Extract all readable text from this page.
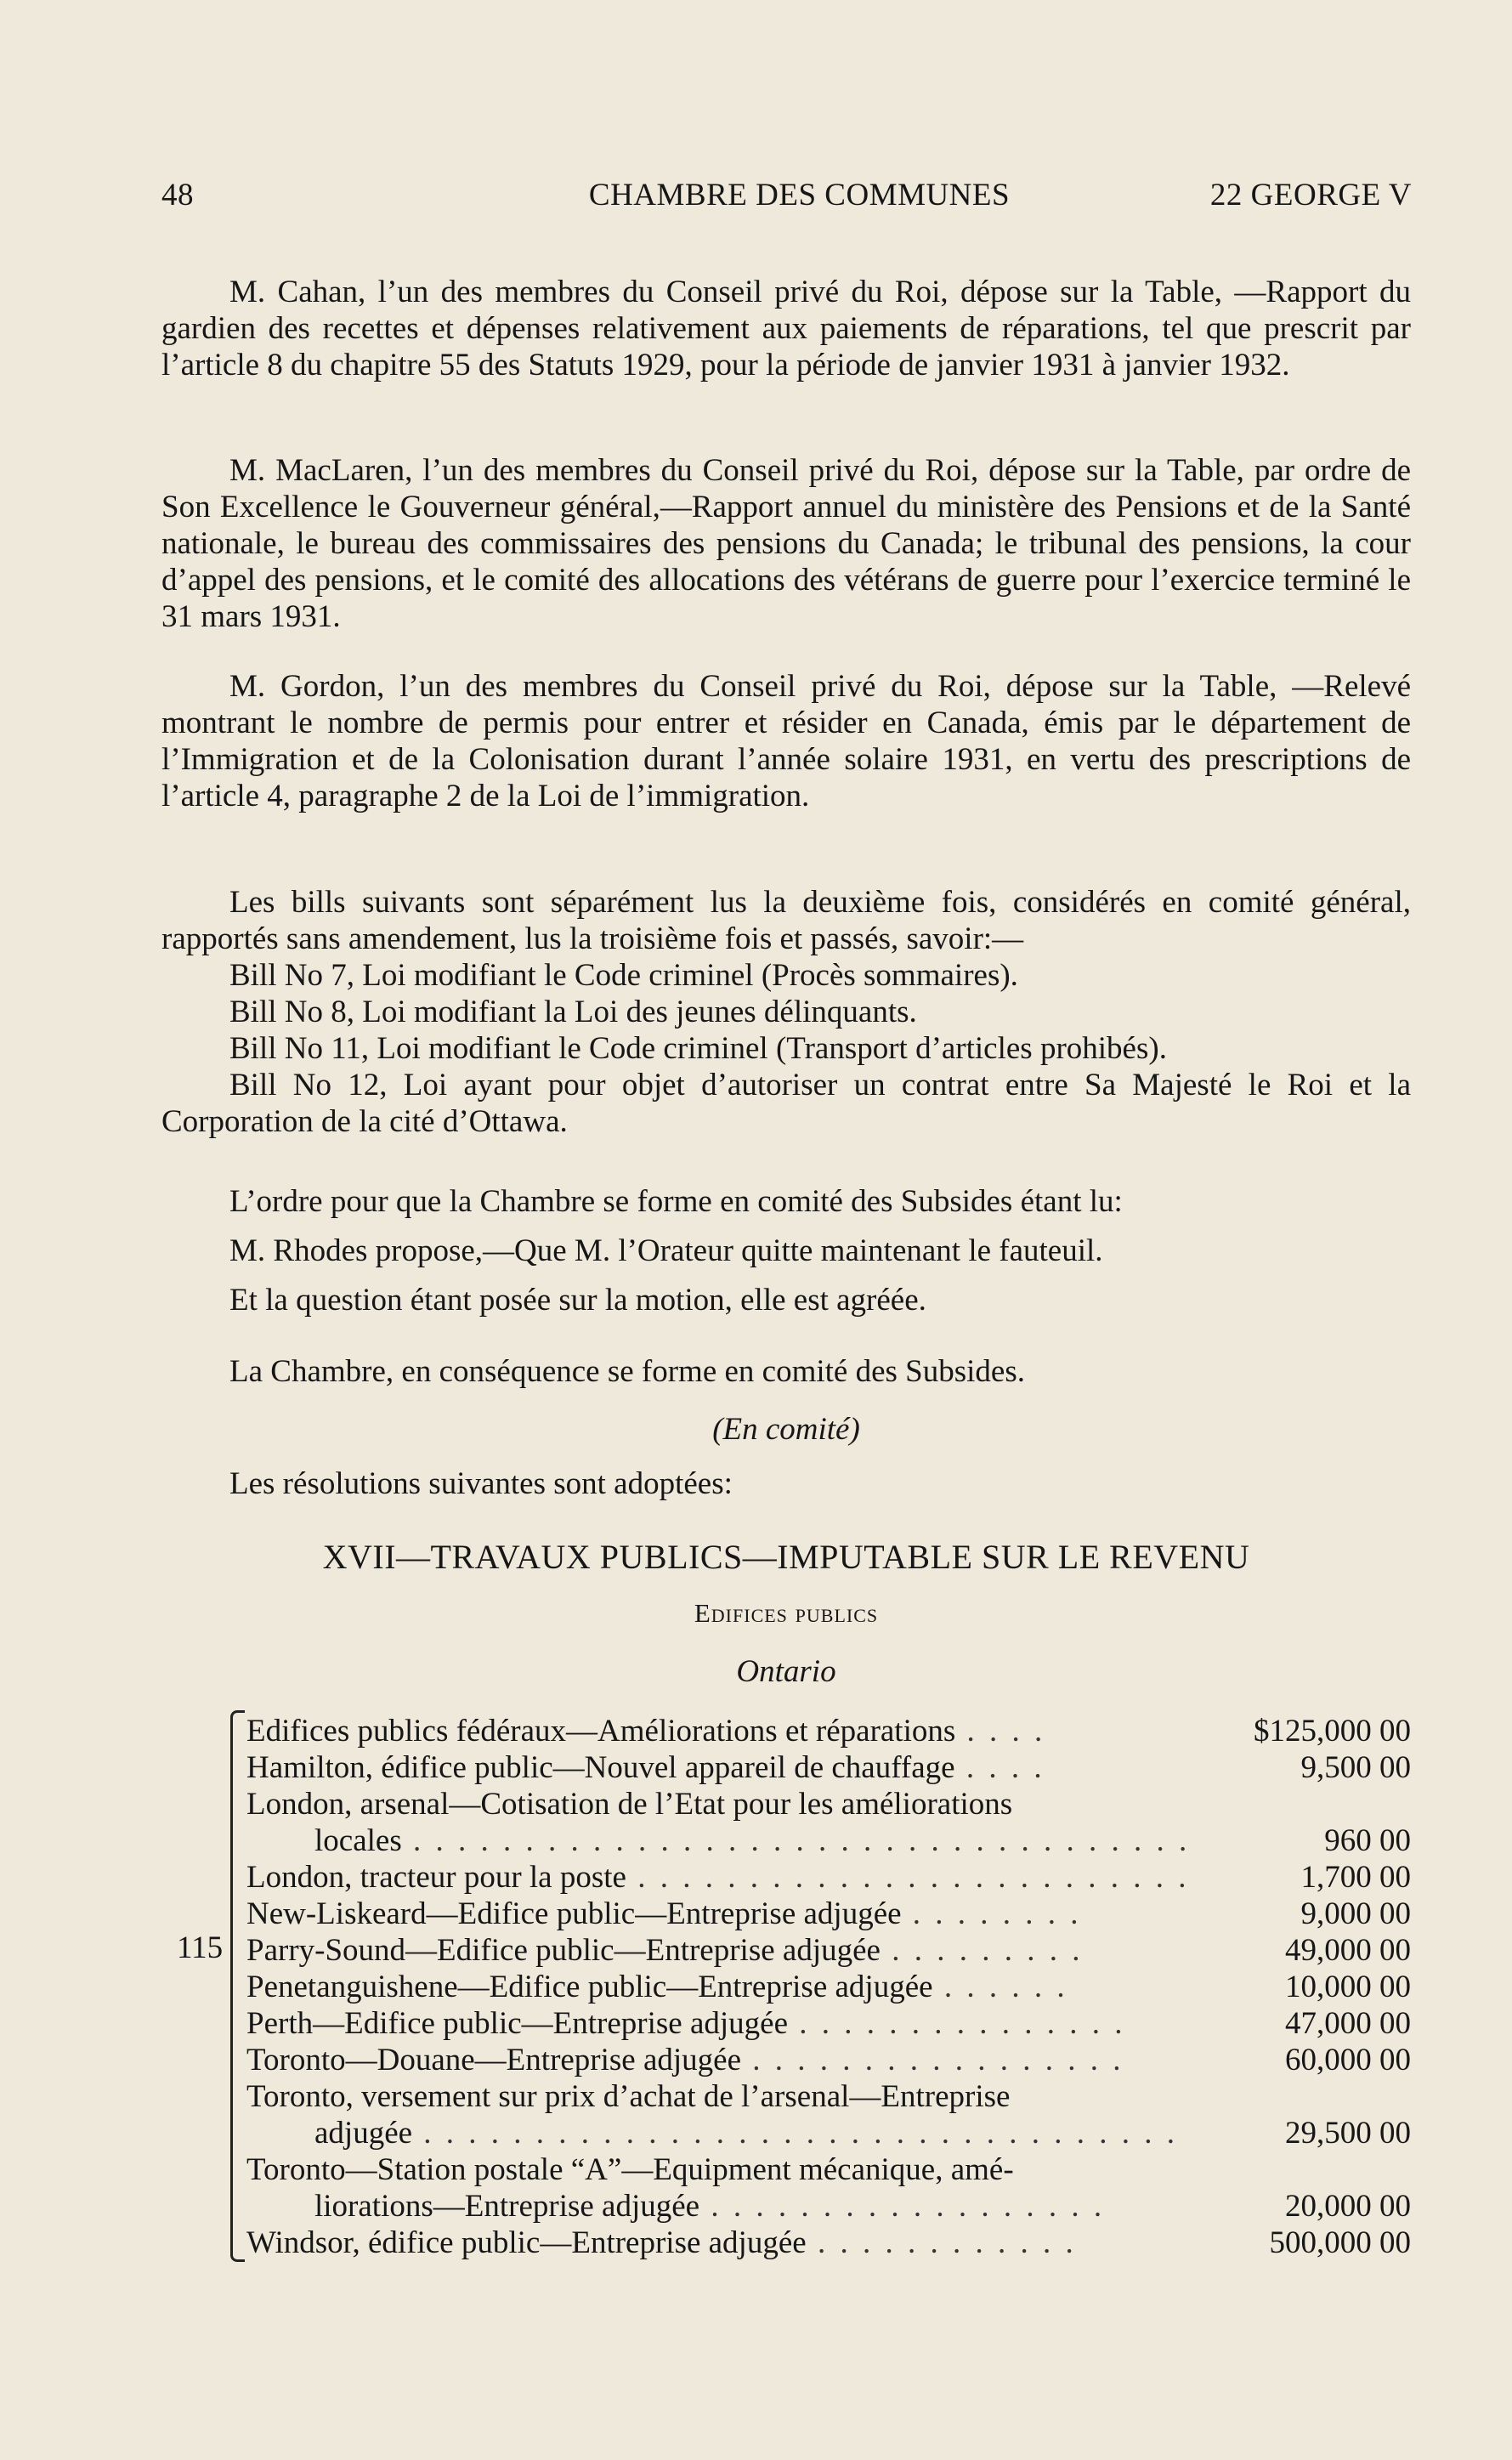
48	CHAMBRE DES COMMUNES	22 GEORGE V

M. Cahan, l’un des membres du Conseil privé du Roi, dépose sur la Table, —Rapport du gardien des recettes et dépenses relativement aux paiements de réparations, tel que prescrit par l’article 8 du chapitre 55 des Statuts 1929, pour la période de janvier 1931 à janvier 1932.

M. MacLaren, l’un des membres du Conseil privé du Roi, dépose sur la Table, par ordre de Son Excellence le Gouverneur général,—Rapport annuel du ministère des Pensions et de la Santé nationale, le bureau des commissaires des pensions du Canada; le tribunal des pensions, la cour d’appel des pensions, et le comité des allocations des vétérans de guerre pour l’exercice terminé le 31 mars 1931.

M. Gordon, l’un des membres du Conseil privé du Roi, dépose sur la Table, —Relevé montrant le nombre de permis pour entrer et résider en Canada, émis par le département de l’Immigration et de la Colonisation durant l’année solaire 1931, en vertu des prescriptions de l’article 4, paragraphe 2 de la Loi de l’immigration.

Les bills suivants sont séparément lus la deuxième fois, considérés en comité général, rapportés sans amendement, lus la troisième fois et passés, savoir:—

Bill No 7, Loi modifiant le Code criminel (Procès sommaires).

Bill No 8, Loi modifiant la Loi des jeunes délinquants.

Bill No 11, Loi modifiant le Code criminel (Transport d’articles prohibés).

Bill No 12, Loi ayant pour objet d’autoriser un contrat entre Sa Majesté le Roi et la Corporation de la cité d’Ottawa.

L’ordre pour que la Chambre se forme en comité des Subsides étant lu:

M. Rhodes propose,—Que M. l’Orateur quitte maintenant le fauteuil.

Et la question étant posée sur la motion, elle est agréée.

La Chambre, en conséquence se forme en comité des Subsides.

(En comité)

Les résolutions suivantes sont adoptées:

XVII—TRAVAUX PUBLICS—IMPUTABLE SUR LE REVENU
Edifices publics
Ontario
115
Edifices publics fédéraux—Améliorations et réparations . . . .	$125,000 00
Hamilton, édifice public—Nouvel appareil de chauffage . . . .	9,500 00
London, arsenal—Cotisation de l’Etat pour les améliorations
locales . . . . . . . . . . . . . . . . . . . . . . . . . . . . . . . . . . .	960 00
London, tracteur pour la poste . . . . . . . . . . . . . . . . . . . . . . . . .	1,700 00
New-Liskeard—Edifice public—Entreprise adjugée . . . . . . . .	9,000 00
Parry-Sound—Edifice public—Entreprise adjugée . . . . . . . . .	49,000 00
Penetanguishene—Edifice public—Entreprise adjugée . . . . . .	10,000 00
Perth—Edifice public—Entreprise adjugée . . . . . . . . . . . . . . .	47,000 00
Toronto—Douane—Entreprise adjugée . . . . . . . . . . . . . . . . .	60,000 00
Toronto, versement sur prix d’achat de l’arsenal—Entreprise
adjugée . . . . . . . . . . . . . . . . . . . . . . . . . . . . . . . . . .	29,500 00
Toronto—Station postale “A”—Equipment mécanique, amé-
liorations—Entreprise adjugée . . . . . . . . . . . . . . . . . .	20,000 00
Windsor, édifice public—Entreprise adjugée . . . . . . . . . . . .	500,000 00
